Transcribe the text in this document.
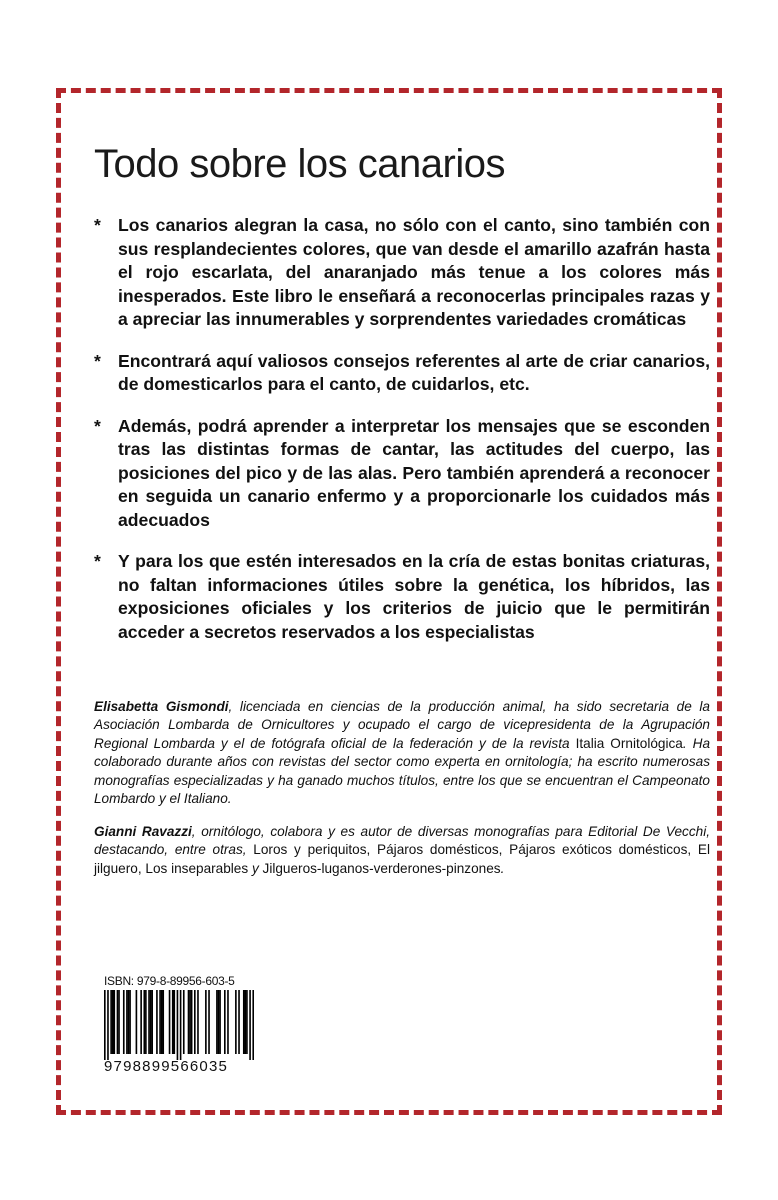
Todo sobre los canarios
* Los canarios alegran la casa, no sólo con el canto, sino también con sus resplandecientes colores, que van desde el amarillo azafrán hasta el rojo escarlata, del anaranjado más tenue a los colores más inesperados. Este libro le enseñará a reconocerlas principales razas y a apreciar las innumerables y sorprendentes variedades cromáticas
* Encontrará aquí valiosos consejos referentes al arte de criar canarios, de domesticarlos para el canto, de cuidarlos, etc.
* Además, podrá aprender a interpretar los mensajes que se esconden tras las distintas formas de cantar, las actitudes del cuerpo, las posiciones del pico y de las alas. Pero también aprenderá a reconocer en seguida un canario enfermo y a proporcionarle los cuidados más adecuados
* Y para los que estén interesados en la cría de estas bonitas criaturas, no faltan informaciones útiles sobre la genética, los híbridos, las exposiciones oficiales y los criterios de juicio que le permitirán acceder a secretos reservados a los especialistas

Elisabetta Gismondi, licenciada en ciencias de la producción animal, ha sido secretaria de la Asociación Lombarda de Ornicultores y ocupado el cargo de vicepresidenta de la Agrupación Regional Lombarda y el de fotógrafa oficial de la federación y de la revista Italia Ornitológica. Ha colaborado durante años con revistas del sector como experta en ornitología; ha escrito numerosas monografías especializadas y ha ganado muchos títulos, entre los que se encuentran el Campeonato Lombardo y el Italiano.

Gianni Ravazzi, ornitólogo, colabora y es autor de diversas monografías para Editorial De Vecchi, destacando, entre otras, Loros y periquitos, Pájaros domésticos, Pájaros exóticos domésticos, El jilguero, Los inseparables y Jilgueros-luganos-verderones-pinzones.

ISBN: 979-8-89956-603-5
9798899566035
